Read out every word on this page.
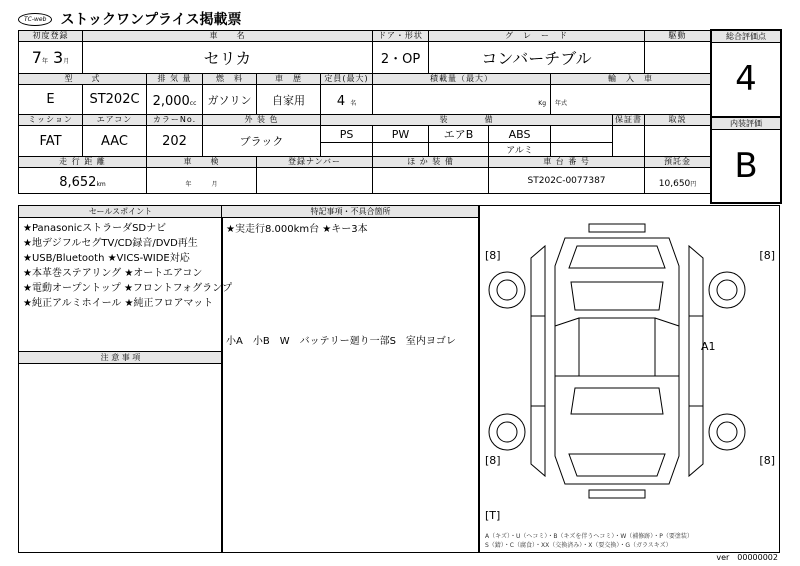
TC-web	ストックワンプライス掲載票
初度登録	車　　名					ドア・形状	グ　レ　ー　ド				駆動
7年 3月	セリカ					2・OP	コンバーチブル				
型　　式		排 気 量	燃　料	車　歴	定員(最大)	積載量（最大）			輸　入　車		
E	ST202C	2,000cc	ガソリン	自家用	4 名	Kg			年式		
ミッション	エアコン	カラーNo.	外 装 色		装　　　　備					保証書	取説
FAT	AAC	202	ブラック		PS	PW	エアB	ABS			
								アルミ			
走 行 距 離		車　　検		登録ナンバー		ほ か 装 備		車 台 番 号			預託金
8,652km		年 月						ST202C-0077387			10,650円
総合評価点
4
内装評価
B
セールスポイント
★PanasonicストラーダSDナビ
★地デジフルセグTV/CD録音/DVD再生
★USB/Bluetooth ★VICS-WIDE対応
★本革巻ステアリング ★オートエアコン
★電動オープントップ ★フロントフォグランプ
★純正アルミホイール ★純正フロアマット
注 意 事 項
特記事項・不具合箇所
★実走行8.000km台 ★キー3本
小A　小B　W　バッテリー廻り一部S　室内ヨゴレ
[8]	[8]
[8]	[8]
[T]
A1
A（キズ）・U（ヘコミ）・B（キズを伴うヘコミ）・W（補修跡）・P（要塗装）
S（錆）・C（腐食）・XX（交換済み）・X（要交換）・G（ガラスキズ）
ver　00000002
